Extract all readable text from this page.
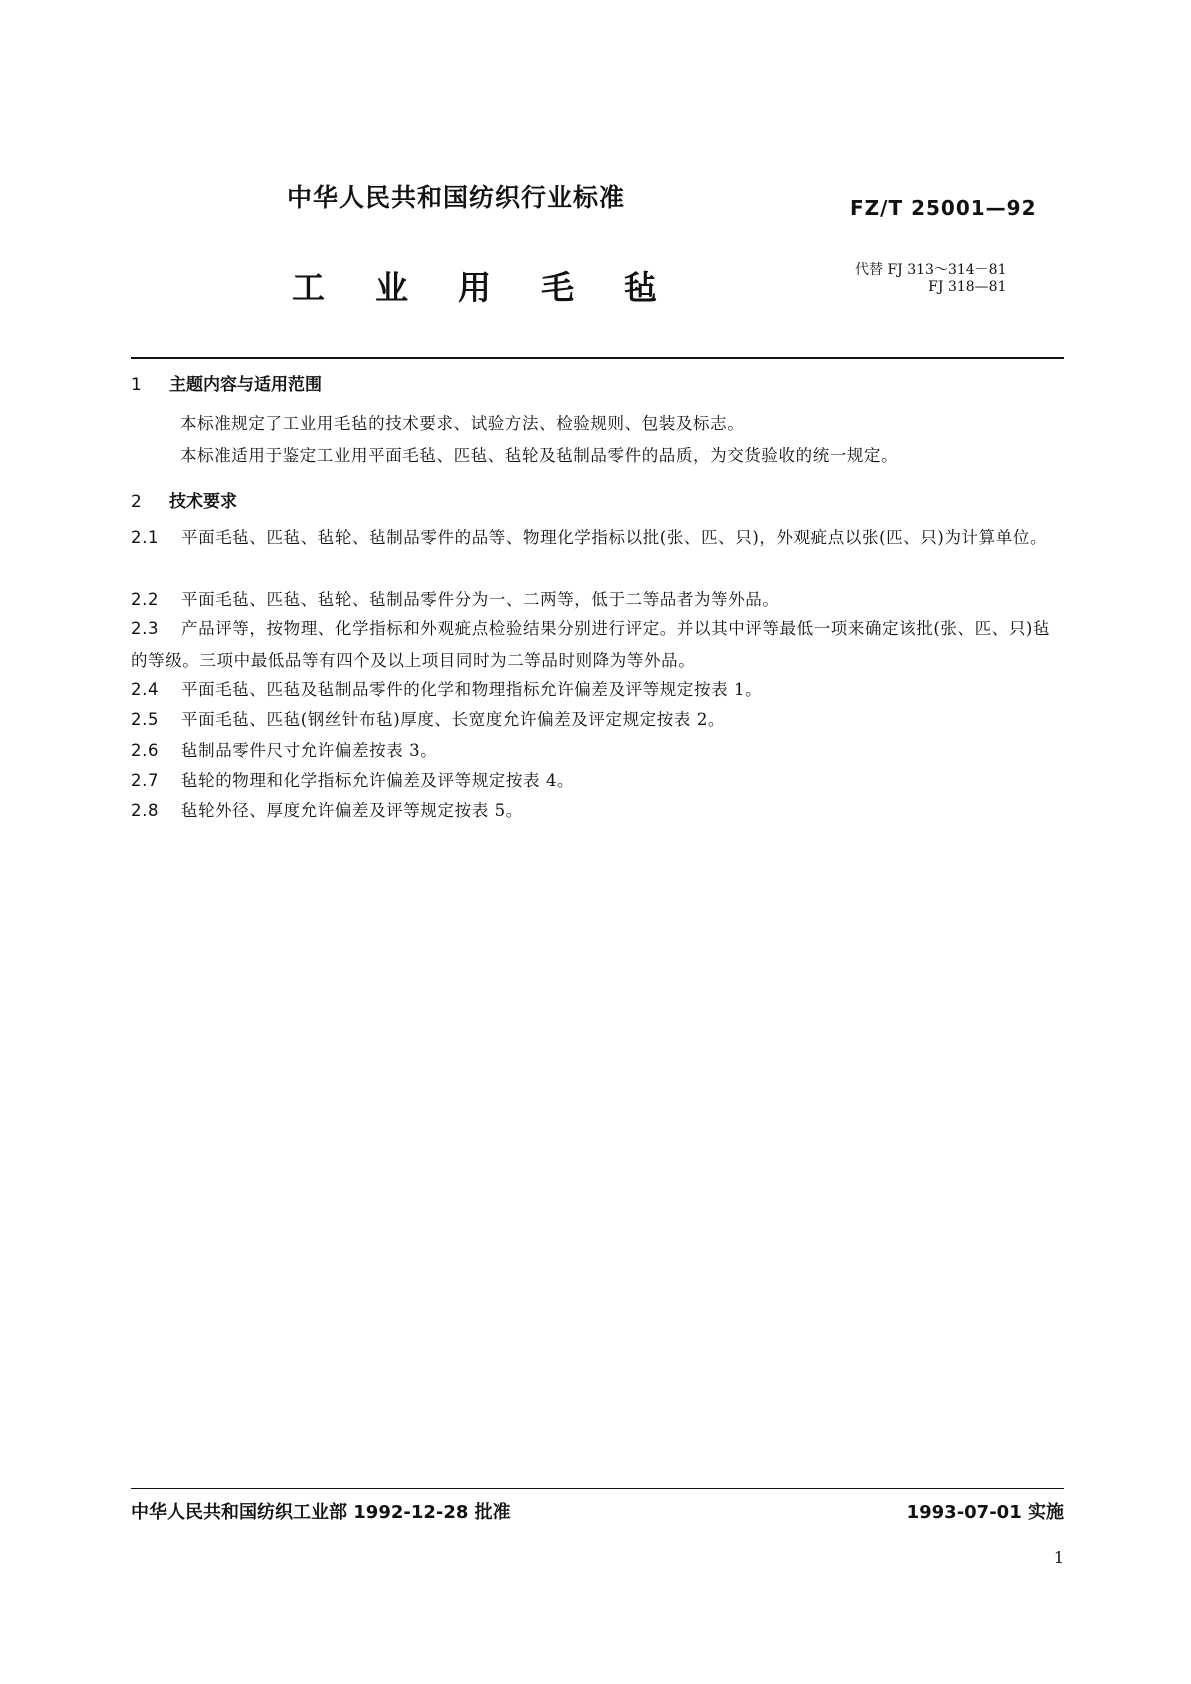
中华人民共和国纺织行业标准	FZ/T 25001—92
工业用毛毡	代替 FJ 313～314－81
FJ 318—81
1 主题内容与适用范围
本标准规定了工业用毛毡的技术要求、试验方法、检验规则、包装及标志。
本标准适用于鉴定工业用平面毛毡、匹毡、毡轮及毡制品零件的品质，为交货验收的统一规定。
2 技术要求
2.1 平面毛毡、匹毡、毡轮、毡制品零件的品等、物理化学指标以批(张、匹、只)，外观疵点以张(匹、只)为计算单位。
2.2 平面毛毡、匹毡、毡轮、毡制品零件分为一、二两等，低于二等品者为等外品。
2.3 产品评等，按物理、化学指标和外观疵点检验结果分别进行评定。并以其中评等最低一项来确定该批(张、匹、只)毡的等级。三项中最低品等有四个及以上项目同时为二等品时则降为等外品。
2.4 平面毛毡、匹毡及毡制品零件的化学和物理指标允许偏差及评等规定按表 1。
2.5 平面毛毡、匹毡(钢丝针布毡)厚度、长宽度允许偏差及评定规定按表 2。
2.6 毡制品零件尺寸允许偏差按表 3。
2.7 毡轮的物理和化学指标允许偏差及评等规定按表 4。
2.8 毡轮外径、厚度允许偏差及评等规定按表 5。
中华人民共和国纺织工业部 1992-12-28 批准	1993-07-01 实施
1
